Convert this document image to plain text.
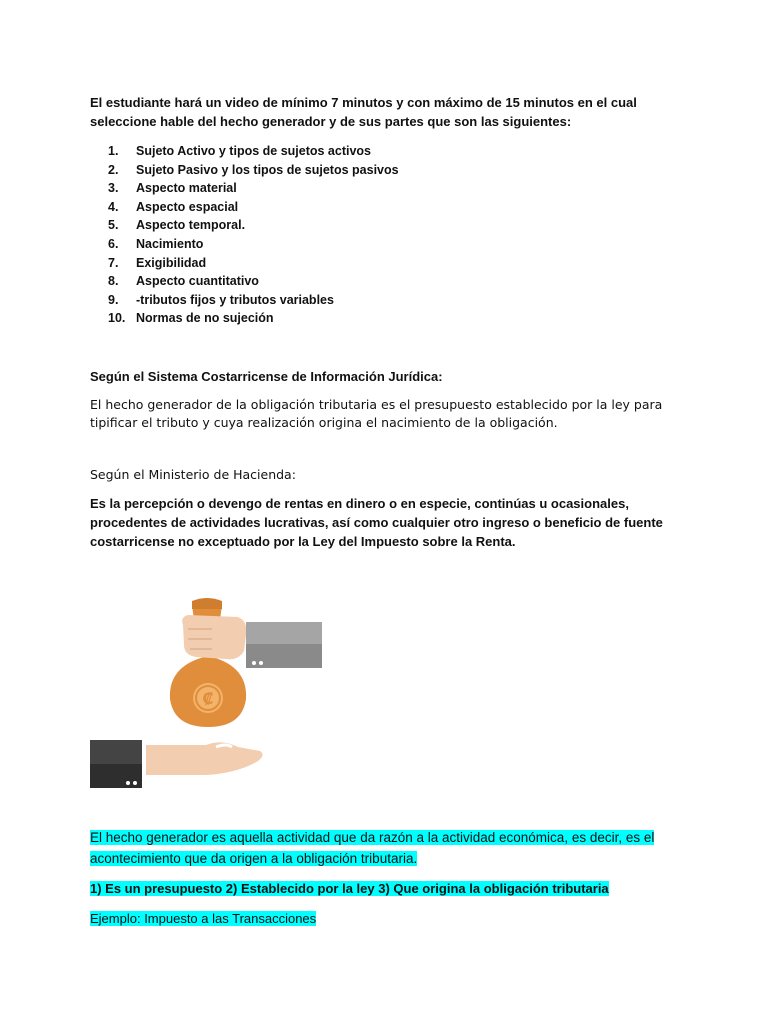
El estudiante hará un video de mínimo 7 minutos y con máximo de 15 minutos en el cual seleccione hable del hecho generador y de sus partes que son las siguientes:

1.	Sujeto Activo y tipos de sujetos activos
2.	Sujeto Pasivo y los tipos de sujetos pasivos
3.	Aspecto material
4.	Aspecto espacial
5.	Aspecto temporal.
6.	Nacimiento
7.	Exigibilidad
8.	Aspecto cuantitativo
9.	-tributos fijos y tributos variables
10. Normas de no sujeción

Según el Sistema Costarricense de Información Jurídica:

El hecho generador de la obligación tributaria es el presupuesto establecido por la ley para tipificar el tributo y cuya realización origina el nacimiento de la obligación.

Según el Ministerio de Hacienda:

Es la percepción o devengo de rentas en dinero o en especie, continúas u ocasionales, procedentes de actividades lucrativas, así como cualquier otro ingreso o beneficio de fuente costarricense no exceptuado por la Ley del Impuesto sobre la Renta.

₡

El hecho generador es aquella actividad que da razón a la actividad económica, es decir, es el acontecimiento que da origen a la obligación tributaria.

1) Es un presupuesto 2) Establecido por la ley 3) Que origina la obligación tributaria

Ejemplo: Impuesto a las Transacciones
